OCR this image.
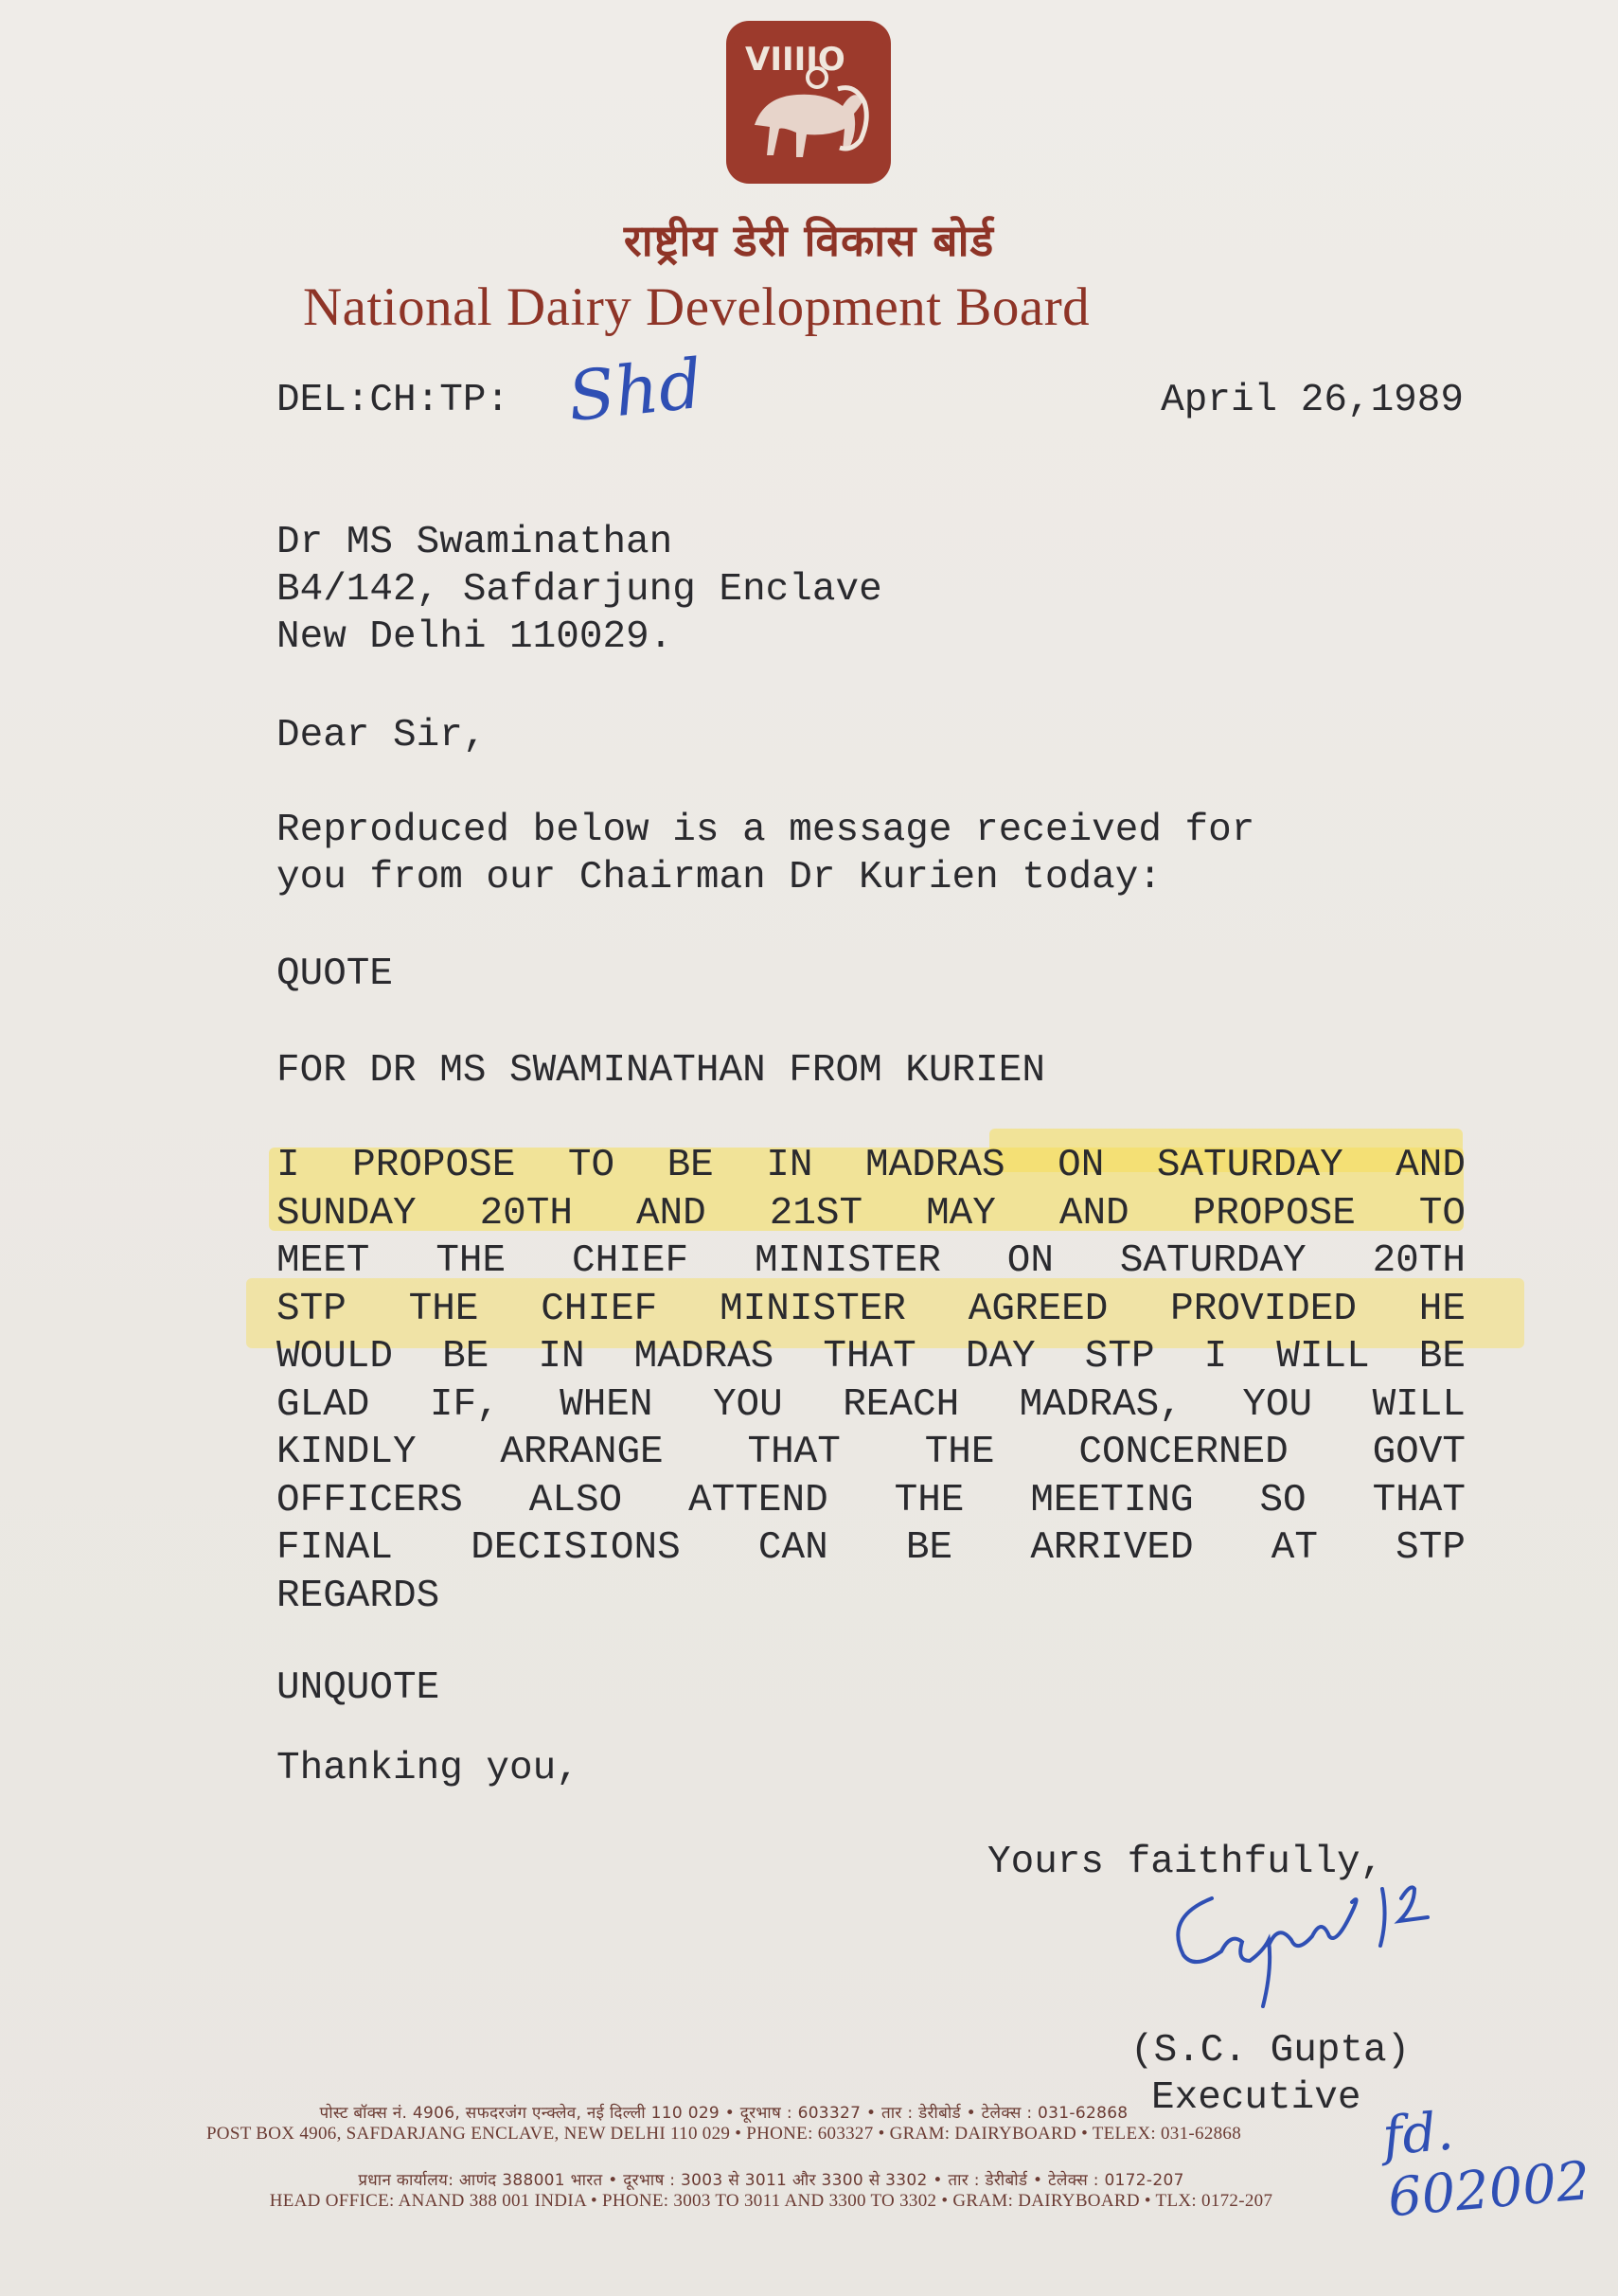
VIIIIO
राष्ट्रीय डेरी विकास बोर्ड
National Dairy Development Board
DEL:CH:TP: Shd	April 26,1989
Dr MS Swaminathan
B4/142, Safdarjung Enclave
New Delhi 110029.
Dear Sir,
Reproduced below is a message received for
you from our Chairman Dr Kurien today:
QUOTE
FOR DR MS SWAMINATHAN FROM KURIEN
I PROPOSE TO BE IN MADRAS ON SATURDAY AND
SUNDAY 20TH AND 21ST MAY AND PROPOSE TO
MEET THE CHIEF MINISTER ON SATURDAY 20TH
STP THE CHIEF MINISTER AGREED PROVIDED HE
WOULD BE IN MADRAS THAT DAY STP I WILL BE
GLAD IF, WHEN YOU REACH MADRAS, YOU WILL
KINDLY ARRANGE THAT THE CONCERNED GOVT
OFFICERS ALSO ATTEND THE MEETING SO THAT
FINAL DECISIONS CAN BE ARRIVED AT STP
REGARDS
UNQUOTE
Thanking you,
Yours faithfully,
(S.C. Gupta)
Executive
fd. 602002
पोस्ट बॉक्स नं. 4906, सफदरजंग एन्क्लेव, नई दिल्ली 110 029 • दूरभाष : 603327 • तार : डेरीबोर्ड • टेलेक्स : 031-62868
POST BOX 4906, SAFDARJANG ENCLAVE, NEW DELHI 110 029 • PHONE: 603327 • GRAM: DAIRYBOARD • TELEX: 031-62868
प्रधान कार्यालय: आणंद 388001 भारत • दूरभाष : 3003 से 3011 और 3300 से 3302 • तार : डेरीबोर्ड • टेलेक्स : 0172-207
HEAD OFFICE: ANAND 388 001 INDIA • PHONE: 3003 TO 3011 AND 3300 TO 3302 • GRAM: DAIRYBOARD • TLX: 0172-207
